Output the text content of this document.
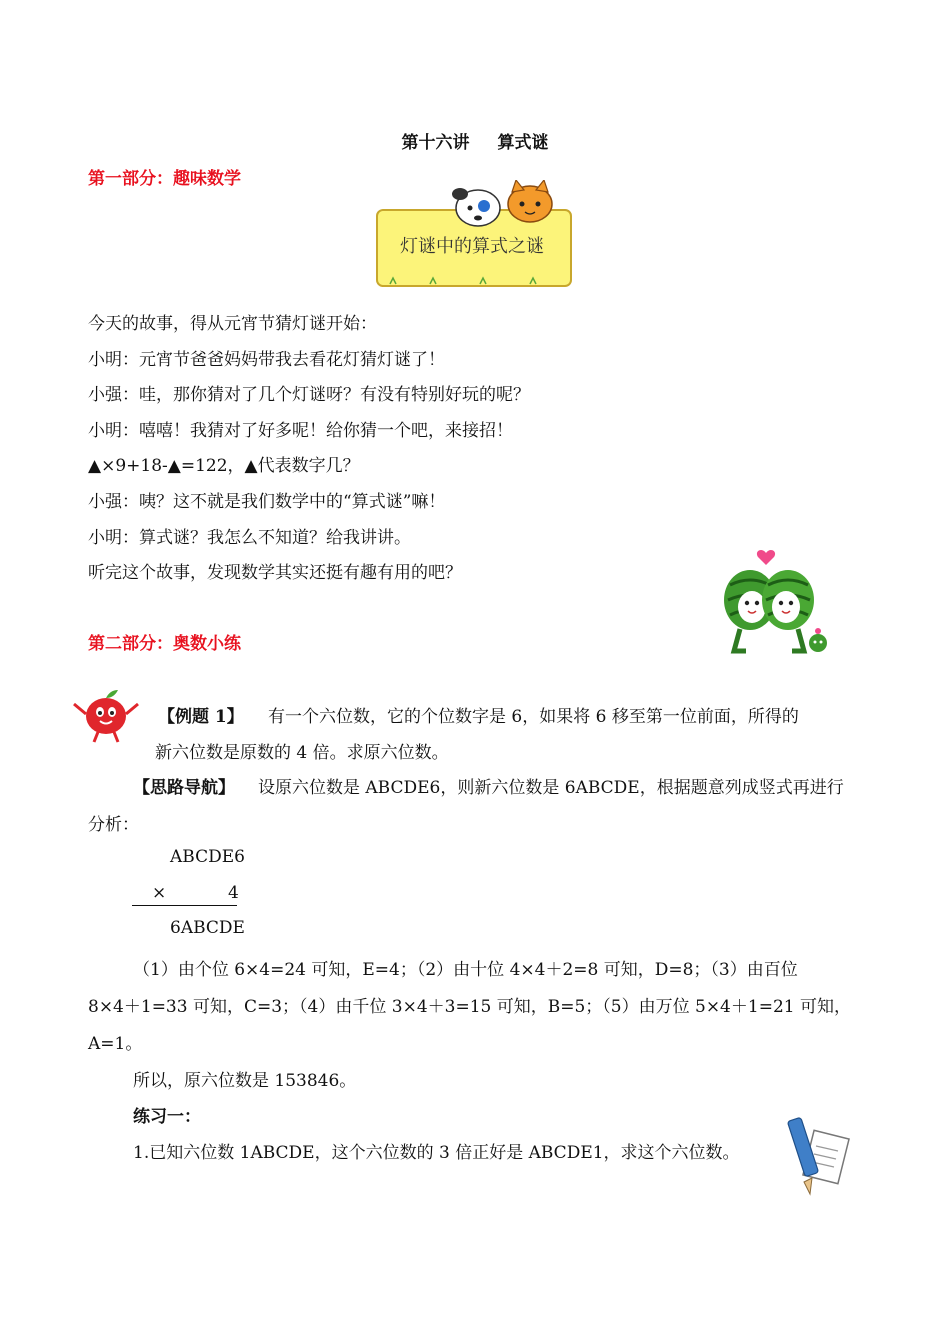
第十六讲 算式谜
第一部分：趣味数学
灯谜中的算式之谜
今天的故事，得从元宵节猜灯谜开始：
小明：元宵节爸爸妈妈带我去看花灯猜灯谜了！
小强：哇，那你猜对了几个灯谜呀？有没有特别好玩的呢？
小明：嘻嘻！我猜对了好多呢！给你猜一个吧，来接招！
▲×9+18-▲=122，▲代表数字几？
小强：咦？这不就是我们数学中的“算式谜”嘛！
小明：算式谜？我怎么不知道？给我讲讲。
听完这个故事，发现数学其实还挺有趣有用的吧？
第二部分：奥数小练
【例题 1】 有一个六位数，它的个位数字是 6，如果将 6 移至第一位前面，所得的
新六位数是原数的 4 倍。求原六位数。
【思路导航】 设原六位数是 ABCDE6，则新六位数是 6ABCDE，根据题意列成竖式再进行
分析：
ABCDE6
×	4
6ABCDE
（1）由个位 6×4=24 可知，E=4；（2）由十位 4×4＋2=8 可知，D=8；（3）由百位
8×4＋1=33 可知，C=3；（4）由千位 3×4＋3=15 可知，B=5；（5）由万位 5×4＋1=21 可知，
A=1。
所以，原六位数是 153846。
练习一：
1.已知六位数 1ABCDE，这个六位数的 3 倍正好是 ABCDE1，求这个六位数。
